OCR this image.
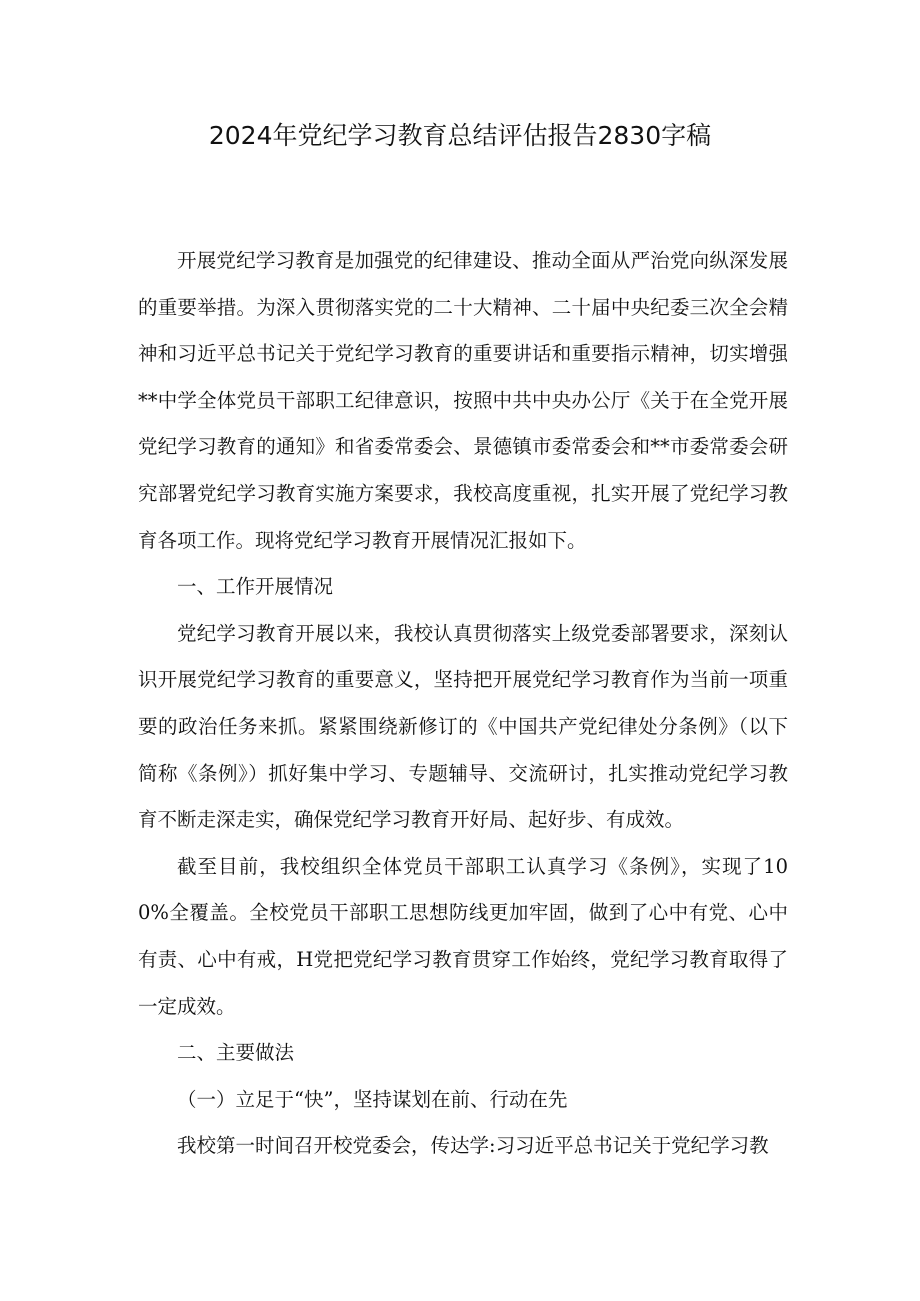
2024年党纪学习教育总结评估报告2830字稿

开展党纪学习教育是加强党的纪律建设、推动全面从严治党向纵深发展的重要举措。为深入贯彻落实党的二十大精神、二十届中央纪委三次全会精神和习近平总书记关于党纪学习教育的重要讲话和重要指示精神，切实增强**中学全体党员干部职工纪律意识，按照中共中央办公厅《关于在全党开展党纪学习教育的通知》和省委常委会、景德镇市委常委会和**市委常委会研究部署党纪学习教育实施方案要求，我校高度重视，扎实开展了党纪学习教育各项工作。现将党纪学习教育开展情况汇报如下。

一、工作开展情况

党纪学习教育开展以来，我校认真贯彻落实上级党委部署要求，深刻认识开展党纪学习教育的重要意义，坚持把开展党纪学习教育作为当前一项重要的政治任务来抓。紧紧围绕新修订的《中国共产党纪律处分条例》（以下简称《条例》）抓好集中学习、专题辅导、交流研讨，扎实推动党纪学习教育不断走深走实，确保党纪学习教育开好局、起好步、有成效。

截至目前，我校组织全体党员干部职工认真学习《条例》，实现了100%全覆盖。全校党员干部职工思想防线更加牢固，做到了心中有党、心中有责、心中有戒，H党把党纪学习教育贯穿工作始终，党纪学习教育取得了一定成效。

二、主要做法

（一）立足于“快”，坚持谋划在前、行动在先

我校第一时间召开校党委会，传达学:习习近平总书记关于党纪学习教
